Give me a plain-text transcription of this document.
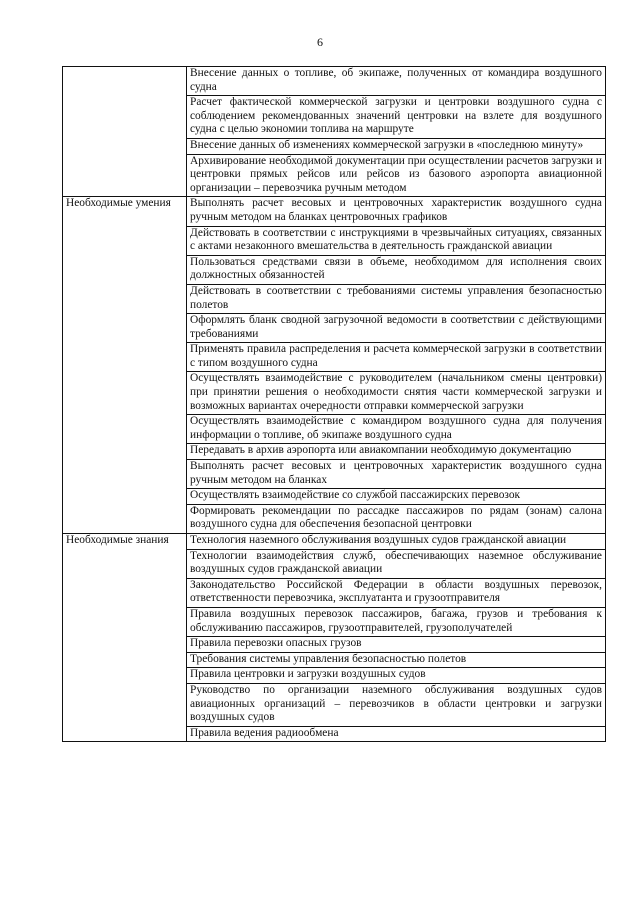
6
	Внесение данных о топливе, об экипаже, полученных от командира воздушного судна
	Расчет фактической коммерческой загрузки и центровки воздушного судна с соблюдением рекомендованных значений центровки на взлете для воздушного судна с целью экономии топлива на маршруте
	Внесение данных об изменениях коммерческой загрузки в «последнюю минуту»
	Архивирование необходимой документации при осуществлении расчетов загрузки и центровки прямых рейсов или рейсов из базового аэропорта авиационной организации – перевозчика ручным методом

Необходимые умения	Выполнять расчет весовых и центровочных характеристик воздушного судна ручным методом на бланках центровочных графиков
	Действовать в соответствии с инструкциями в чрезвычайных ситуациях, связанных с актами незаконного вмешательства в деятельность гражданской авиации
	Пользоваться средствами связи в объеме, необходимом для исполнения своих должностных обязанностей
	Действовать в соответствии с требованиями системы управления безопасностью полетов
	Оформлять бланк сводной загрузочной ведомости в соответствии с действующими требованиями
	Применять правила распределения и расчета коммерческой загрузки в соответствии с типом воздушного судна
	Осуществлять взаимодействие с руководителем (начальником смены центровки) при принятии решения о необходимости снятия части коммерческой загрузки и возможных вариантах очередности отправки коммерческой загрузки
	Осуществлять взаимодействие с командиром воздушного судна для получения информации о топливе, об экипаже воздушного судна
	Передавать в архив аэропорта или авиакомпании необходимую документацию
	Выполнять расчет весовых и центровочных характеристик воздушного судна ручным методом на бланках
	Осуществлять взаимодействие со службой пассажирских перевозок
	Формировать рекомендации по рассадке пассажиров по рядам (зонам) салона воздушного судна для обеспечения безопасной центровки

Необходимые знания	Технология наземного обслуживания воздушных судов гражданской авиации
	Технологии взаимодействия служб, обеспечивающих наземное обслуживание воздушных судов гражданской авиации
	Законодательство Российской Федерации в области воздушных перевозок, ответственности перевозчика, эксплуатанта и грузоотправителя
	Правила воздушных перевозок пассажиров, багажа, грузов и требования к обслуживанию пассажиров, грузоотправителей, грузополучателей
	Правила перевозки опасных грузов
	Требования системы управления безопасностью полетов
	Правила центровки и загрузки воздушных судов
	Руководство по организации наземного обслуживания воздушных судов авиационных организаций – перевозчиков в области центровки и загрузки воздушных судов
	Правила ведения радиообмена
